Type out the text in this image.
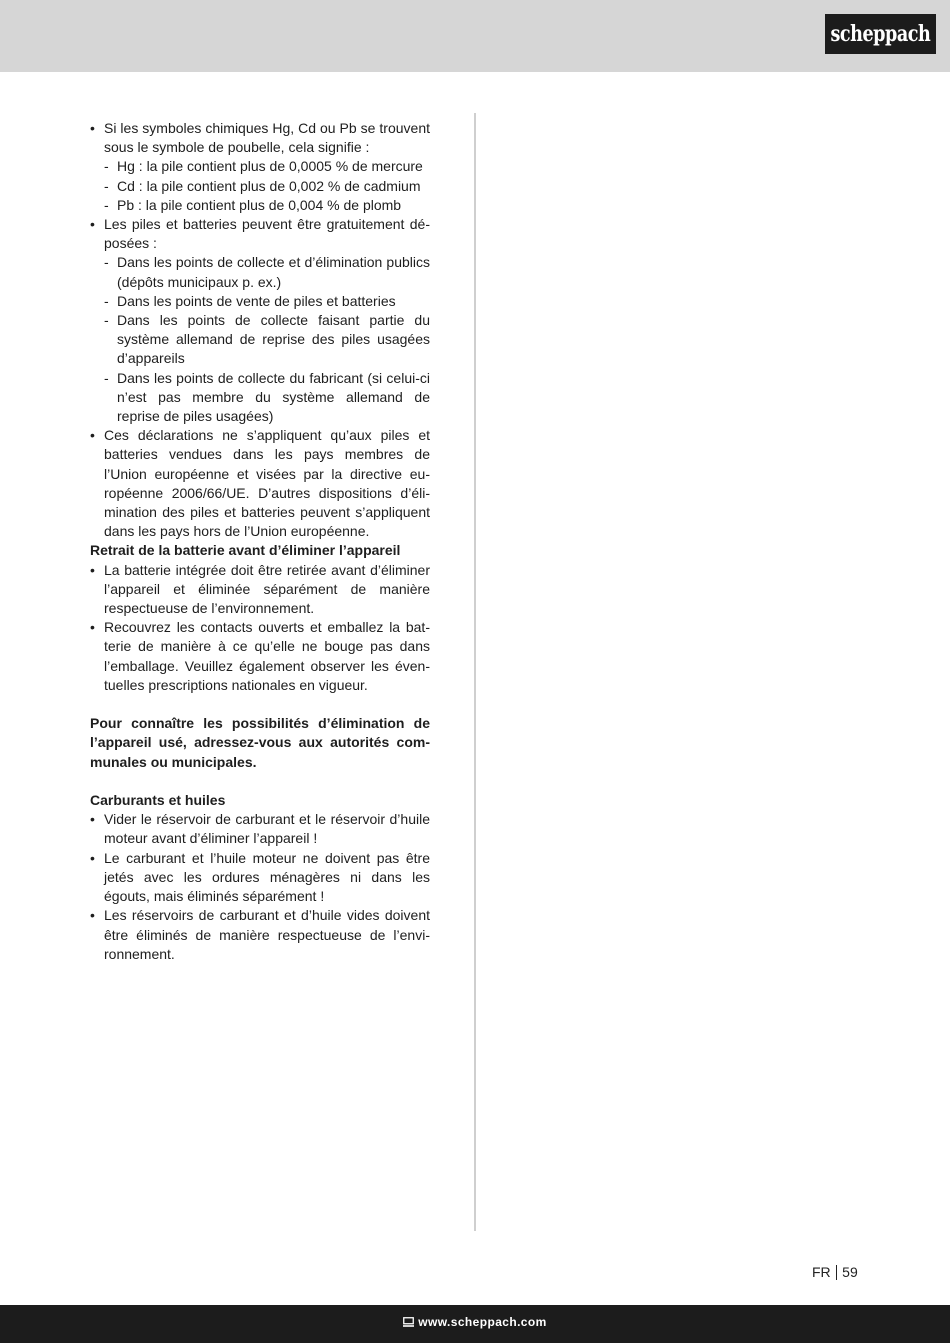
scheppach

• Si les symboles chimiques Hg, Cd ou Pb se trouvent sous le symbole de poubelle, cela signifie :

- Hg : la pile contient plus de 0,0005 % de mercure

- Cd : la pile contient plus de 0,002 % de cadmium

- Pb : la pile contient plus de 0,004 % de plomb

• Les piles et batteries peuvent être gratuitement déposées :

- Dans les points de collecte et d’élimination publics (dépôts municipaux p. ex.)

- Dans les points de vente de piles et batteries

- Dans les points de collecte faisant partie du système allemand de reprise des piles usagées d’appareils

- Dans les points de collecte du fabricant (si celui-ci n’est pas membre du système allemand de reprise de piles usagées)

• Ces déclarations ne s’appliquent qu’aux piles et batteries vendues dans les pays membres de l’Union européenne et visées par la directive européenne 2006/66/UE. D’autres dispositions d’élimination des piles et batteries peuvent s’appliquent dans les pays hors de l’Union européenne.

Retrait de la batterie avant d’éliminer l’appareil

• La batterie intégrée doit être retirée avant d’éliminer l’appareil et éliminée séparément de manière respectueuse de l’environnement.

• Recouvrez les contacts ouverts et emballez la batterie de manière à ce qu’elle ne bouge pas dans l’emballage. Veuillez également observer les éventuelles prescriptions nationales en vigueur.

Pour connaître les possibilités d’élimination de l’appareil usé, adressez-vous aux autorités communales ou municipales.

Carburants et huiles

• Vider le réservoir de carburant et le réservoir d’huile moteur avant d’éliminer l’appareil !

• Le carburant et l’huile moteur ne doivent pas être jetés avec les ordures ménagères ni dans les égouts, mais éliminés séparément !

• Les réservoirs de carburant et d’huile vides doivent être éliminés de manière respectueuse de l’environnement.

FR 59
www.scheppach.com
